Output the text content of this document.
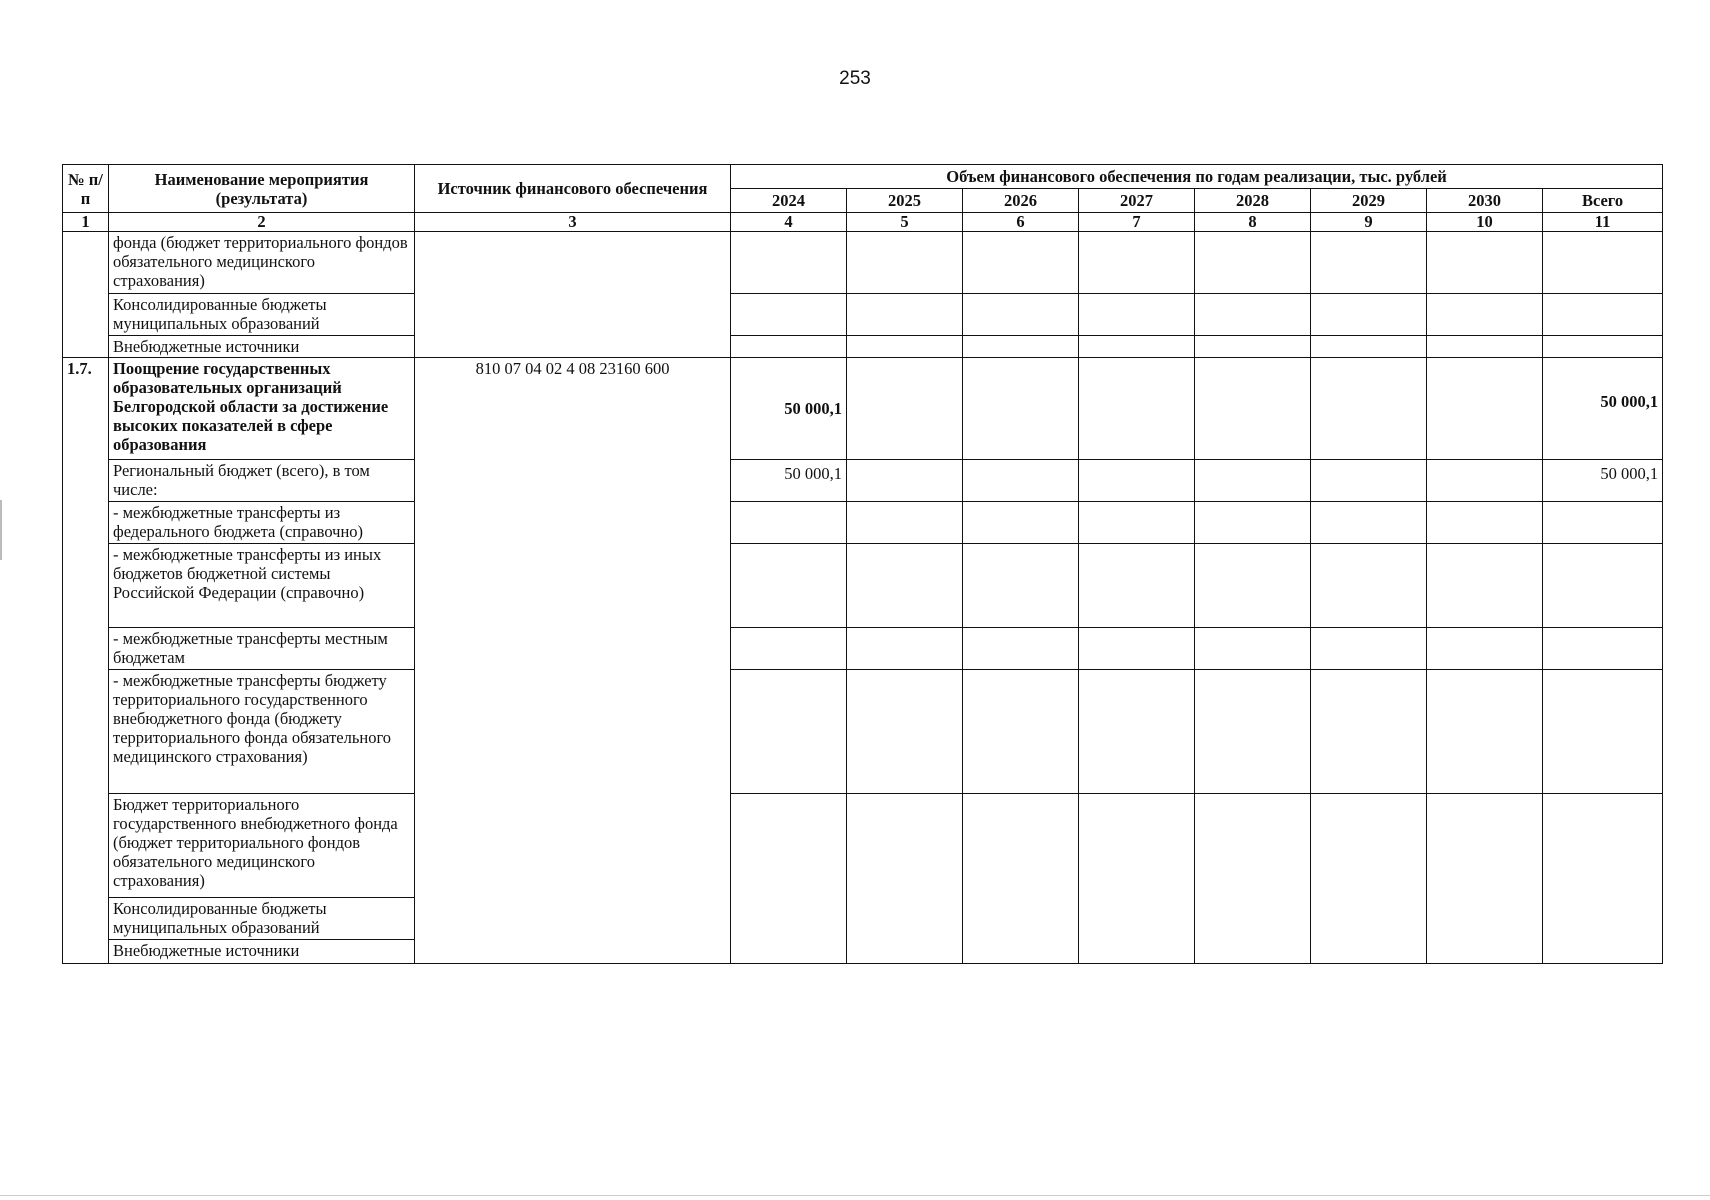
253
№ п/п	Наименование мероприятия (результата)	Источник финансового обеспечения	Объем финансового обеспечения по годам реализации, тыс. рублей							
			2024	2025	2026	2027	2028	2029	2030	Всего
1	2	3	4	5	6	7	8	9	10	11
	фонда (бюджет территориального фондов обязательного медицинского страхования)									
	Консолидированные бюджеты муниципальных образований									
	Внебюджетные источники									
1.7.	Поощрение государственных образовательных организаций Белгородской области за достижение высоких показателей в сфере образования	810 07 04 02 4 08 23160 600	50 000,1							50 000,1
	Региональный бюджет (всего), в том числе:		50 000,1							50 000,1
	- межбюджетные трансферты из федерального бюджета (справочно)									
	- межбюджетные трансферты из иных бюджетов бюджетной системы Российской Федерации (справочно)									
	- межбюджетные трансферты местным бюджетам									
	- межбюджетные трансферты бюджету территориального государственного внебюджетного фонда (бюджету территориального фонда обязательного медицинского страхования)									
	Бюджет территориального государственного внебюджетного фонда (бюджет территориального фондов обязательного медицинского страхования)									
	Консолидированные бюджеты муниципальных образований									
	Внебюджетные источники									
